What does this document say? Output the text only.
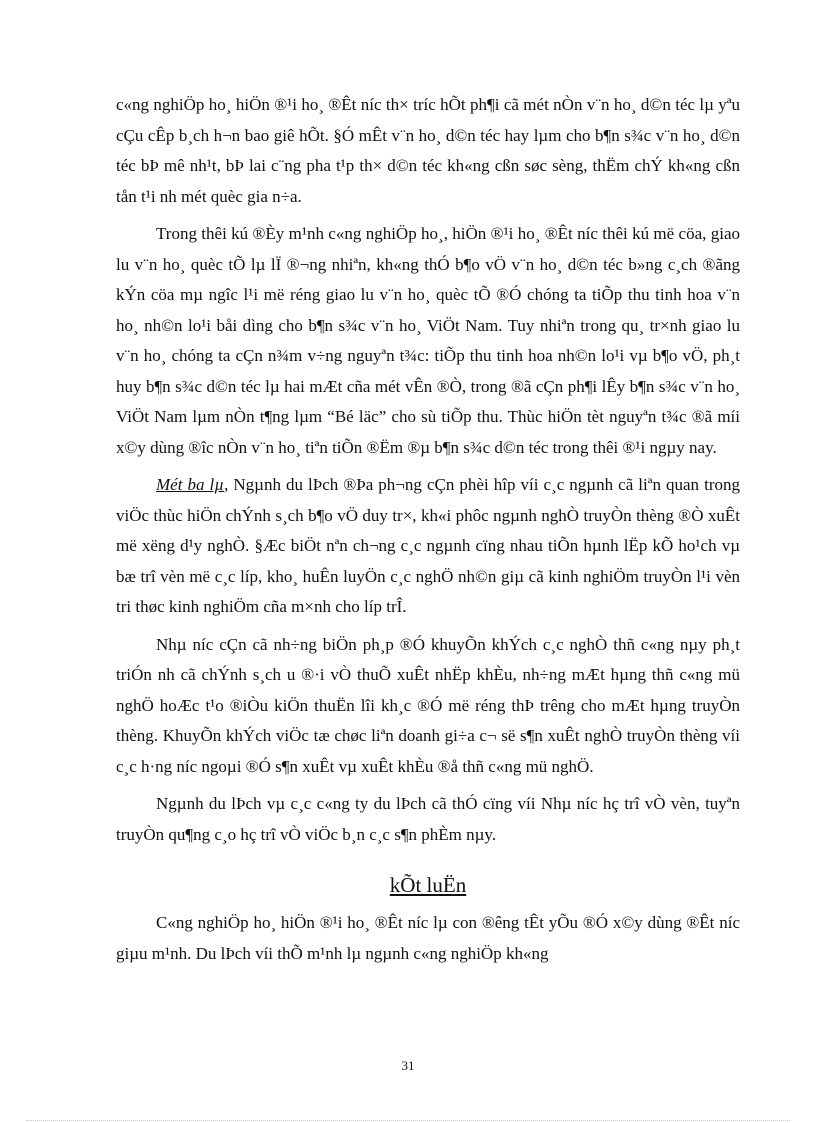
c«ng nghiÖp ho¸ hiÖn ®¹i ho¸ ®Êt níc th× tríc hÕt ph¶i cã mét nÒn v¨n ho¸ d©n téc lµ yªu cÇu cÊp b¸ch h¬n bao giê hÕt. §Ó mÊt v¨n ho¸ d©n téc hay lµm cho b¶n s¾c v¨n ho¸ d©n téc bÞ mê nh¹t, bÞ lai c¨ng pha t¹p th× d©n téc kh«ng cßn søc sèng, thËm chÝ kh«ng cßn tån t¹i nh mét quèc gia n÷a.

Trong thêi kú ®Èy m¹nh c«ng nghiÖp ho¸, hiÖn ®¹i ho¸ ®Êt níc thêi kú më cöa, giao lu v¨n ho¸ quèc tÕ lµ lÏ ®¬ng nhiªn, kh«ng thÓ b¶o vÖ v¨n ho¸ d©n téc b»ng c¸ch ®ãng kÝn cöa mµ ngîc l¹i më réng giao lu v¨n ho¸ quèc tÕ ®Ó chóng ta tiÕp thu tinh hoa v¨n ho¸ nh©n lo¹i båi dìng cho b¶n s¾c v¨n ho¸ ViÖt Nam. Tuy nhiªn trong qu¸ tr×nh giao lu v¨n ho¸ chóng ta cÇn n¾m v÷ng nguyªn t¾c: tiÕp thu tinh hoa nh©n lo¹i vµ b¶o vÖ, ph¸t huy b¶n s¾c d©n téc lµ hai mÆt cña mét vÊn ®Ò, trong ®ã cÇn ph¶i lÊy b¶n s¾c v¨n ho¸ ViÖt Nam lµm nÒn t¶ng lµm “Bé läc” cho sù tiÕp thu. Thùc hiÖn tèt nguyªn t¾c ®ã míi x©y dùng ®îc nÒn v¨n ho¸ tiªn tiÕn ®Ëm ®µ b¶n s¾c d©n téc trong thêi ®¹i ngµy nay.

Mét ba lµ, Ngµnh du lÞch ®Þa ph¬ng cÇn phèi hîp víi c¸c ngµnh cã liªn quan trong viÖc thùc hiÖn chÝnh s¸ch b¶o vÖ duy tr×, kh«i phôc ngµnh nghÒ truyÒn thèng ®Ò xuÊt më xëng d¹y nghÒ. §Æc biÖt nªn ch¬ng c¸c ngµnh cïng nhau tiÕn hµnh lËp kÕ ho¹ch vµ bæ trî vèn më c¸c líp, kho¸ huÊn luyÖn c¸c nghÖ nh©n giµ cã kinh nghiÖm truyÒn l¹i vèn tri thøc kinh nghiÖm cña m×nh cho líp trÎ.

Nhµ níc cÇn cã nh÷ng biÖn ph¸p ®Ó khuyÕn khÝch c¸c nghÒ thñ c«ng nµy ph¸t triÓn nh cã chÝnh s¸ch u ®·i vÒ thuÕ xuÊt nhËp khÈu, nh÷ng mÆt hµng thñ c«ng mü nghÖ hoÆc t¹o ®iÒu kiÖn thuËn lîi kh¸c ®Ó më réng thÞ trêng cho mÆt hµng truyÒn thèng. KhuyÕn khÝch viÖc tæ chøc liªn doanh gi÷a c¬ së s¶n xuÊt nghÒ truyÒn thèng víi c¸c h·ng níc ngoµi ®Ó s¶n xuÊt vµ xuÊt khÈu ®å thñ c«ng mü nghÖ.

Ngµnh du lÞch vµ c¸c c«ng ty du lÞch cã thÓ cïng víi Nhµ níc hç trî vÒ vèn, tuyªn truyÒn qu¶ng c¸o hç trî vÒ viÖc b¸n c¸c s¶n phÈm nµy.

kÕt luËn

C«ng nghiÖp ho¸ hiÖn ®¹i ho¸ ®Êt níc lµ con ®êng tÊt yÕu ®Ó x©y dùng ®Êt níc giµu m¹nh. Du lÞch víi thÕ m¹nh lµ ngµnh c«ng nghiÖp kh«ng

31
